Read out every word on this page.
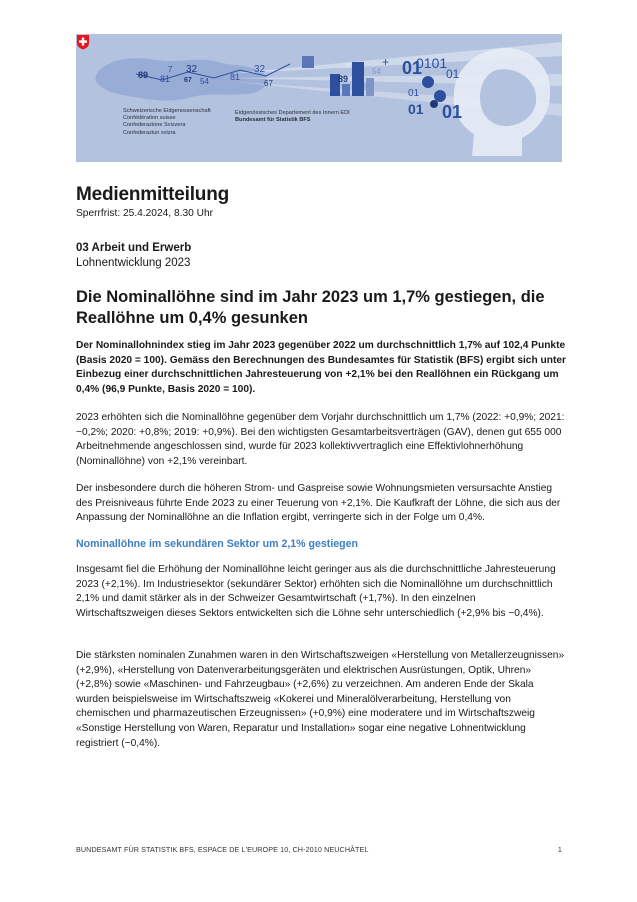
+
89
7
81
32
67 54 81
32
67	89
54
59
30	01
0101
01 01
01
01
Schweizerische Eidgenossenschaft
Confédération suisse
Confederazione Svizzera
Confederaziun svizra
Eidgenössisches Departement des Innern EDI
Bundesamt für Statistik BFS
Medienmitteilung
Sperrfrist: 25.4.2024, 8.30 Uhr
03 Arbeit und Erwerb
Lohnentwicklung 2023
Die Nominallöhne sind im Jahr 2023 um 1,7% gestiegen, die Reallöhne um 0,4% gesunken
Der Nominallohnindex stieg im Jahr 2023 gegenüber 2022 um durchschnittlich 1,7% auf 102,4 Punkte (Basis 2020 = 100). Gemäss den Berechnungen des Bundesamtes für Statistik (BFS) ergibt sich unter Einbezug einer durchschnittlichen Jahresteuerung von +2,1% bei den Reallöhnen ein Rückgang um 0,4% (96,9 Punkte, Basis 2020 = 100).
2023 erhöhten sich die Nominallöhne gegenüber dem Vorjahr durchschnittlich um 1,7% (2022: +0,9%; 2021: −0,2%; 2020: +0,8%; 2019: +0,9%). Bei den wichtigsten Gesamtarbeitsverträgen (GAV), denen gut 655 000 Arbeitnehmende angeschlossen sind, wurde für 2023 kollektivvertraglich eine Effektivlohnerhöhung (Nominallöhne) von +2,1% vereinbart.
Der insbesondere durch die höheren Strom- und Gaspreise sowie Wohnungsmieten versursachte Anstieg des Preisniveaus führte Ende 2023 zu einer Teuerung von +2,1%. Die Kaufkraft der Löhne, die sich aus der Anpassung der Nominallöhne an die Inflation ergibt, verringerte sich in der Folge um 0,4%.
Nominallöhne im sekundären Sektor um 2,1% gestiegen
Insgesamt fiel die Erhöhung der Nominallöhne leicht geringer aus als die durchschnittliche Jahresteuerung 2023 (+2,1%). Im Industriesektor (sekundärer Sektor) erhöhten sich die Nominallöhne um durchschnittlich 2,1% und damit stärker als in der Schweizer Gesamtwirtschaft (+1,7%). In den einzelnen Wirtschaftszweigen dieses Sektors entwickelten sich die Löhne sehr unterschiedlich (+2,9% bis −0,4%).
Die stärksten nominalen Zunahmen waren in den Wirtschaftszweigen «Herstellung von Metallerzeugnissen» (+2,9%), «Herstellung von Datenverarbeitungsgeräten und elektrischen Ausrüstungen, Optik, Uhren» (+2,8%) sowie «Maschinen- und Fahrzeugbau» (+2,6%) zu verzeichnen. Am anderen Ende der Skala wurden beispielsweise im Wirtschaftszweig «Kokerei und Mineralölverarbeitung, Herstellung von chemischen und pharmazeutischen Erzeugnissen» (+0,9%) eine moderatere und im Wirtschaftszweig «Sonstige Herstellung von Waren, Reparatur und Installation» sogar eine negative Lohnentwicklung registriert (−0,4%).
BUNDESAMT FÜR STATISTIK BFS, ESPACE DE L'EUROPE 10, CH-2010 NEUCHÂTEL	1
